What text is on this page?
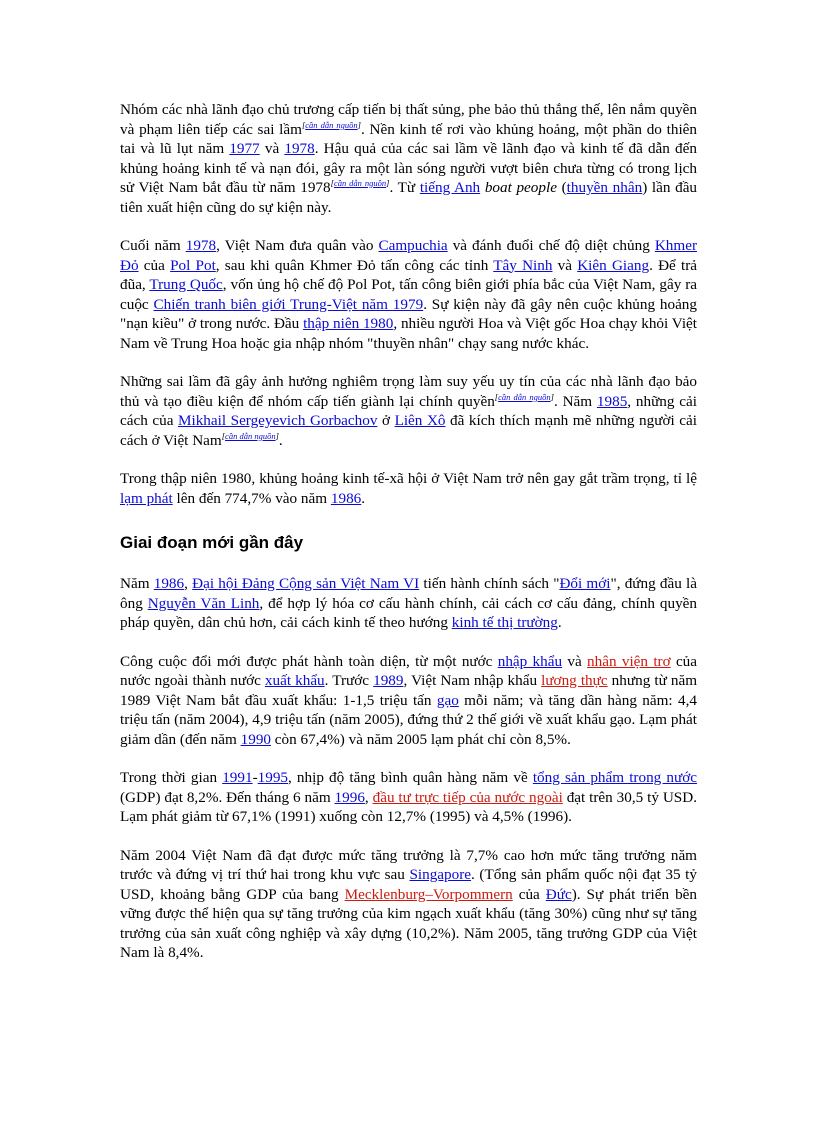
Nhóm các nhà lãnh đạo chủ trương cấp tiến bị thất sủng, phe bảo thủ thắng thế, lên nắm quyền và phạm liên tiếp các sai lầm[cần dẫn nguồn]. Nền kinh tế rơi vào khủng hoảng, một phần do thiên tai và lũ lụt năm 1977 và 1978. Hậu quả của các sai lầm về lãnh đạo và kinh tế đã dẫn đến khủng hoảng kinh tế và nạn đói, gây ra một làn sóng người vượt biên chưa từng có trong lịch sử Việt Nam bắt đầu từ năm 1978[cần dẫn nguồn]. Từ tiếng Anh boat people (thuyền nhân) lần đầu tiên xuất hiện cũng do sự kiện này.

Cuối năm 1978, Việt Nam đưa quân vào Campuchia và đánh đuổi chế độ diệt chủng Khmer Đỏ của Pol Pot, sau khi quân Khmer Đỏ tấn công các tỉnh Tây Ninh và Kiên Giang. Để trả đũa, Trung Quốc, vốn ủng hộ chế độ Pol Pot, tấn công biên giới phía bắc của Việt Nam, gây ra cuộc Chiến tranh biên giới Trung-Việt năm 1979. Sự kiện này đã gây nên cuộc khủng hoảng "nạn kiều" ở trong nước. Đầu thập niên 1980, nhiều người Hoa và Việt gốc Hoa chạy khỏi Việt Nam về Trung Hoa hoặc gia nhập nhóm "thuyền nhân" chạy sang nước khác.

Những sai lầm đã gây ảnh hưởng nghiêm trọng làm suy yếu uy tín của các nhà lãnh đạo bảo thủ và tạo điều kiện để nhóm cấp tiến giành lại chính quyền[cần dẫn nguồn]. Năm 1985, những cải cách của Mikhail Sergeyevich Gorbachov ở Liên Xô đã kích thích mạnh mẽ những người cải cách ở Việt Nam[cần dẫn nguồn].

Trong thập niên 1980, khủng hoảng kinh tế-xã hội ở Việt Nam trở nên gay gắt trầm trọng, tỉ lệ lạm phát lên đến 774,7% vào năm 1986.

Giai đoạn mới gần đây

Năm 1986, Đại hội Đảng Cộng sản Việt Nam VI tiến hành chính sách "Đổi mới", đứng đầu là ông Nguyễn Văn Linh, để hợp lý hóa cơ cấu hành chính, cải cách cơ cấu đảng, chính quyền pháp quyền, dân chủ hơn, cải cách kinh tế theo hướng kinh tế thị trường.

Công cuộc đổi mới được phát hành toàn diện, từ một nước nhập khẩu và nhân viện trơ của nước ngoài thành nước xuất khẩu. Trước 1989, Việt Nam nhập khẩu lương thực nhưng từ năm 1989 Việt Nam bắt đầu xuất khẩu: 1-1,5 triệu tấn gạo mỗi năm; và tăng dần hàng năm: 4,4 triệu tấn (năm 2004), 4,9 triệu tấn (năm 2005), đứng thứ 2 thế giới về xuất khẩu gạo. Lạm phát giảm dần (đến năm 1990 còn 67,4%) và năm 2005 lạm phát chỉ còn 8,5%.

Trong thời gian 1991-1995, nhịp độ tăng bình quân hàng năm về tổng sản phẩm trong nước (GDP) đạt 8,2%. Đến tháng 6 năm 1996, đầu tư trực tiếp của nước ngoài đạt trên 30,5 tỷ USD. Lạm phát giảm từ 67,1% (1991) xuống còn 12,7% (1995) và 4,5% (1996).

Năm 2004 Việt Nam đã đạt được mức tăng trưởng là 7,7% cao hơn mức tăng trưởng năm trước và đứng vị trí thứ hai trong khu vực sau Singapore. (Tổng sản phẩm quốc nội đạt 35 tỷ USD, khoảng bằng GDP của bang Mecklenburg–Vorpommern của Đức). Sự phát triển bền vững được thể hiện qua sự tăng trưởng của kim ngạch xuất khẩu (tăng 30%) cũng như sự tăng trưởng của sản xuất công nghiệp và xây dựng (10,2%). Năm 2005, tăng trưởng GDP của Việt Nam là 8,4%.
